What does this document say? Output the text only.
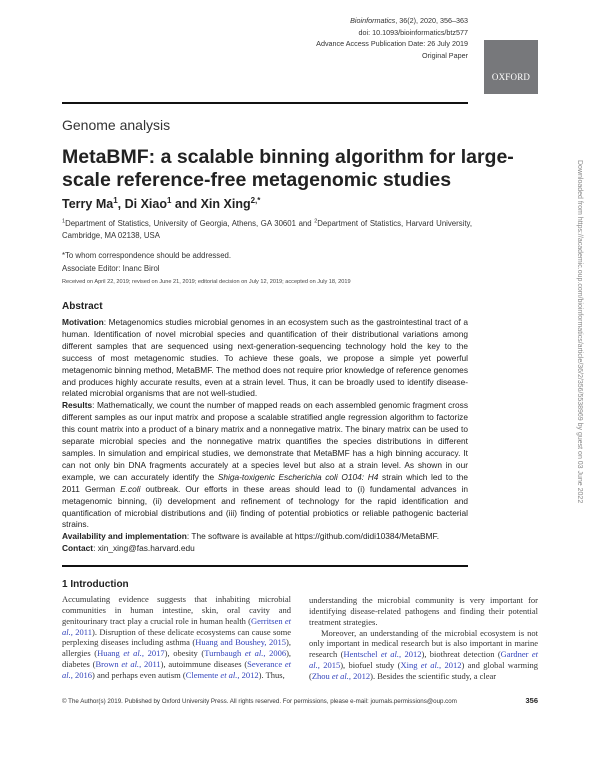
Bioinformatics, 36(2), 2020, 356–363
doi: 10.1093/bioinformatics/btz577
Advance Access Publication Date: 26 July 2019
Original Paper
OXFORD
Genome analysis
MetaBMF: a scalable binning algorithm for large-scale reference-free metagenomic studies
Terry Ma$^1$, Di Xiao$^1$ and Xin Xing$^{2,*}$
$^1$Department of Statistics, University of Georgia, Athens, GA 30601 and $^2$Department of Statistics, Harvard University, Cambridge, MA 02138, USA
*To whom correspondence should be addressed.
Associate Editor: Inanc Birol
Received on April 22, 2019; revised on June 21, 2019; editorial decision on July 12, 2019; accepted on July 18, 2019
Abstract

Motivation: Metagenomics studies microbial genomes in an ecosystem such as the gastrointestinal tract of a human. Identification of novel microbial species and quantification of their distributional variations among different samples that are sequenced using next-generation-sequencing technology hold the key to the success of most metagenomic studies. To achieve these goals, we propose a simple yet powerful metagenomic binning method, MetaBMF. The method does not require prior knowledge of reference genomes and produces highly accurate results, even at a strain level. Thus, it can be broadly used to identify disease-related microbial organisms that are not well-studied.

Results: Mathematically, we count the number of mapped reads on each assembled genomic fragment cross different samples as our input matrix and propose a scalable stratified angle regression algorithm to factorize this count matrix into a product of a binary matrix and a nonnegative matrix. The binary matrix can be used to separate microbial species and the nonnegative matrix quantifies the species distributions in different samples. In simulation and empirical studies, we demonstrate that MetaBMF has a high binning accuracy. It can not only bin DNA fragments accurately at a species level but also at a strain level. As shown in our example, we can accurately identify the Shiga-toxigenic Escherichia coli O104: H4 strain which led to the 2011 German E.coli outbreak. Our efforts in these areas should lead to (i) fundamental advances in metagenomic binning, (ii) development and refinement of technology for the rapid identification and quantification of microbial distributions and (iii) finding of potential probiotics or reliable pathogenic bacterial strains.

Availability and implementation: The software is available at https://github.com/didi10384/MetaBMF.

Contact: xin_xing@fas.harvard.edu

1 Introduction
Accumulating evidence suggests that inhabiting microbial communities in human intestine, skin, oral cavity and genitourinary tract play a crucial role in human health (Gerritsen et al., 2011). Disruption of these delicate ecosystems can cause some perplexing diseases including asthma (Huang and Boushey, 2015), allergies (Huang et al., 2017), obesity (Turnbaugh et al., 2006), diabetes (Brown et al., 2011), autoimmune diseases (Severance et al., 2016) and perhaps even autism (Clemente et al., 2012). Thus,

understanding the microbial community is very important for identifying disease-related pathogens and finding their potential treatment strategies.

Moreover, an understanding of the microbial ecosystem is not only important in medical research but is also important in marine research (Hentschel et al., 2012), biothreat detection (Gardner et al., 2015), biofuel study (Xing et al., 2012) and global warming (Zhou et al., 2012). Besides the scientific study, a clear

© The Author(s) 2019. Published by Oxford University Press. All rights reserved. For permissions, please e-mail: journals.permissions@oup.com	356
Downloaded from https://academic.oup.com/bioinformatics/article/36/2/356/5538969 by guest on 03 June 2022
